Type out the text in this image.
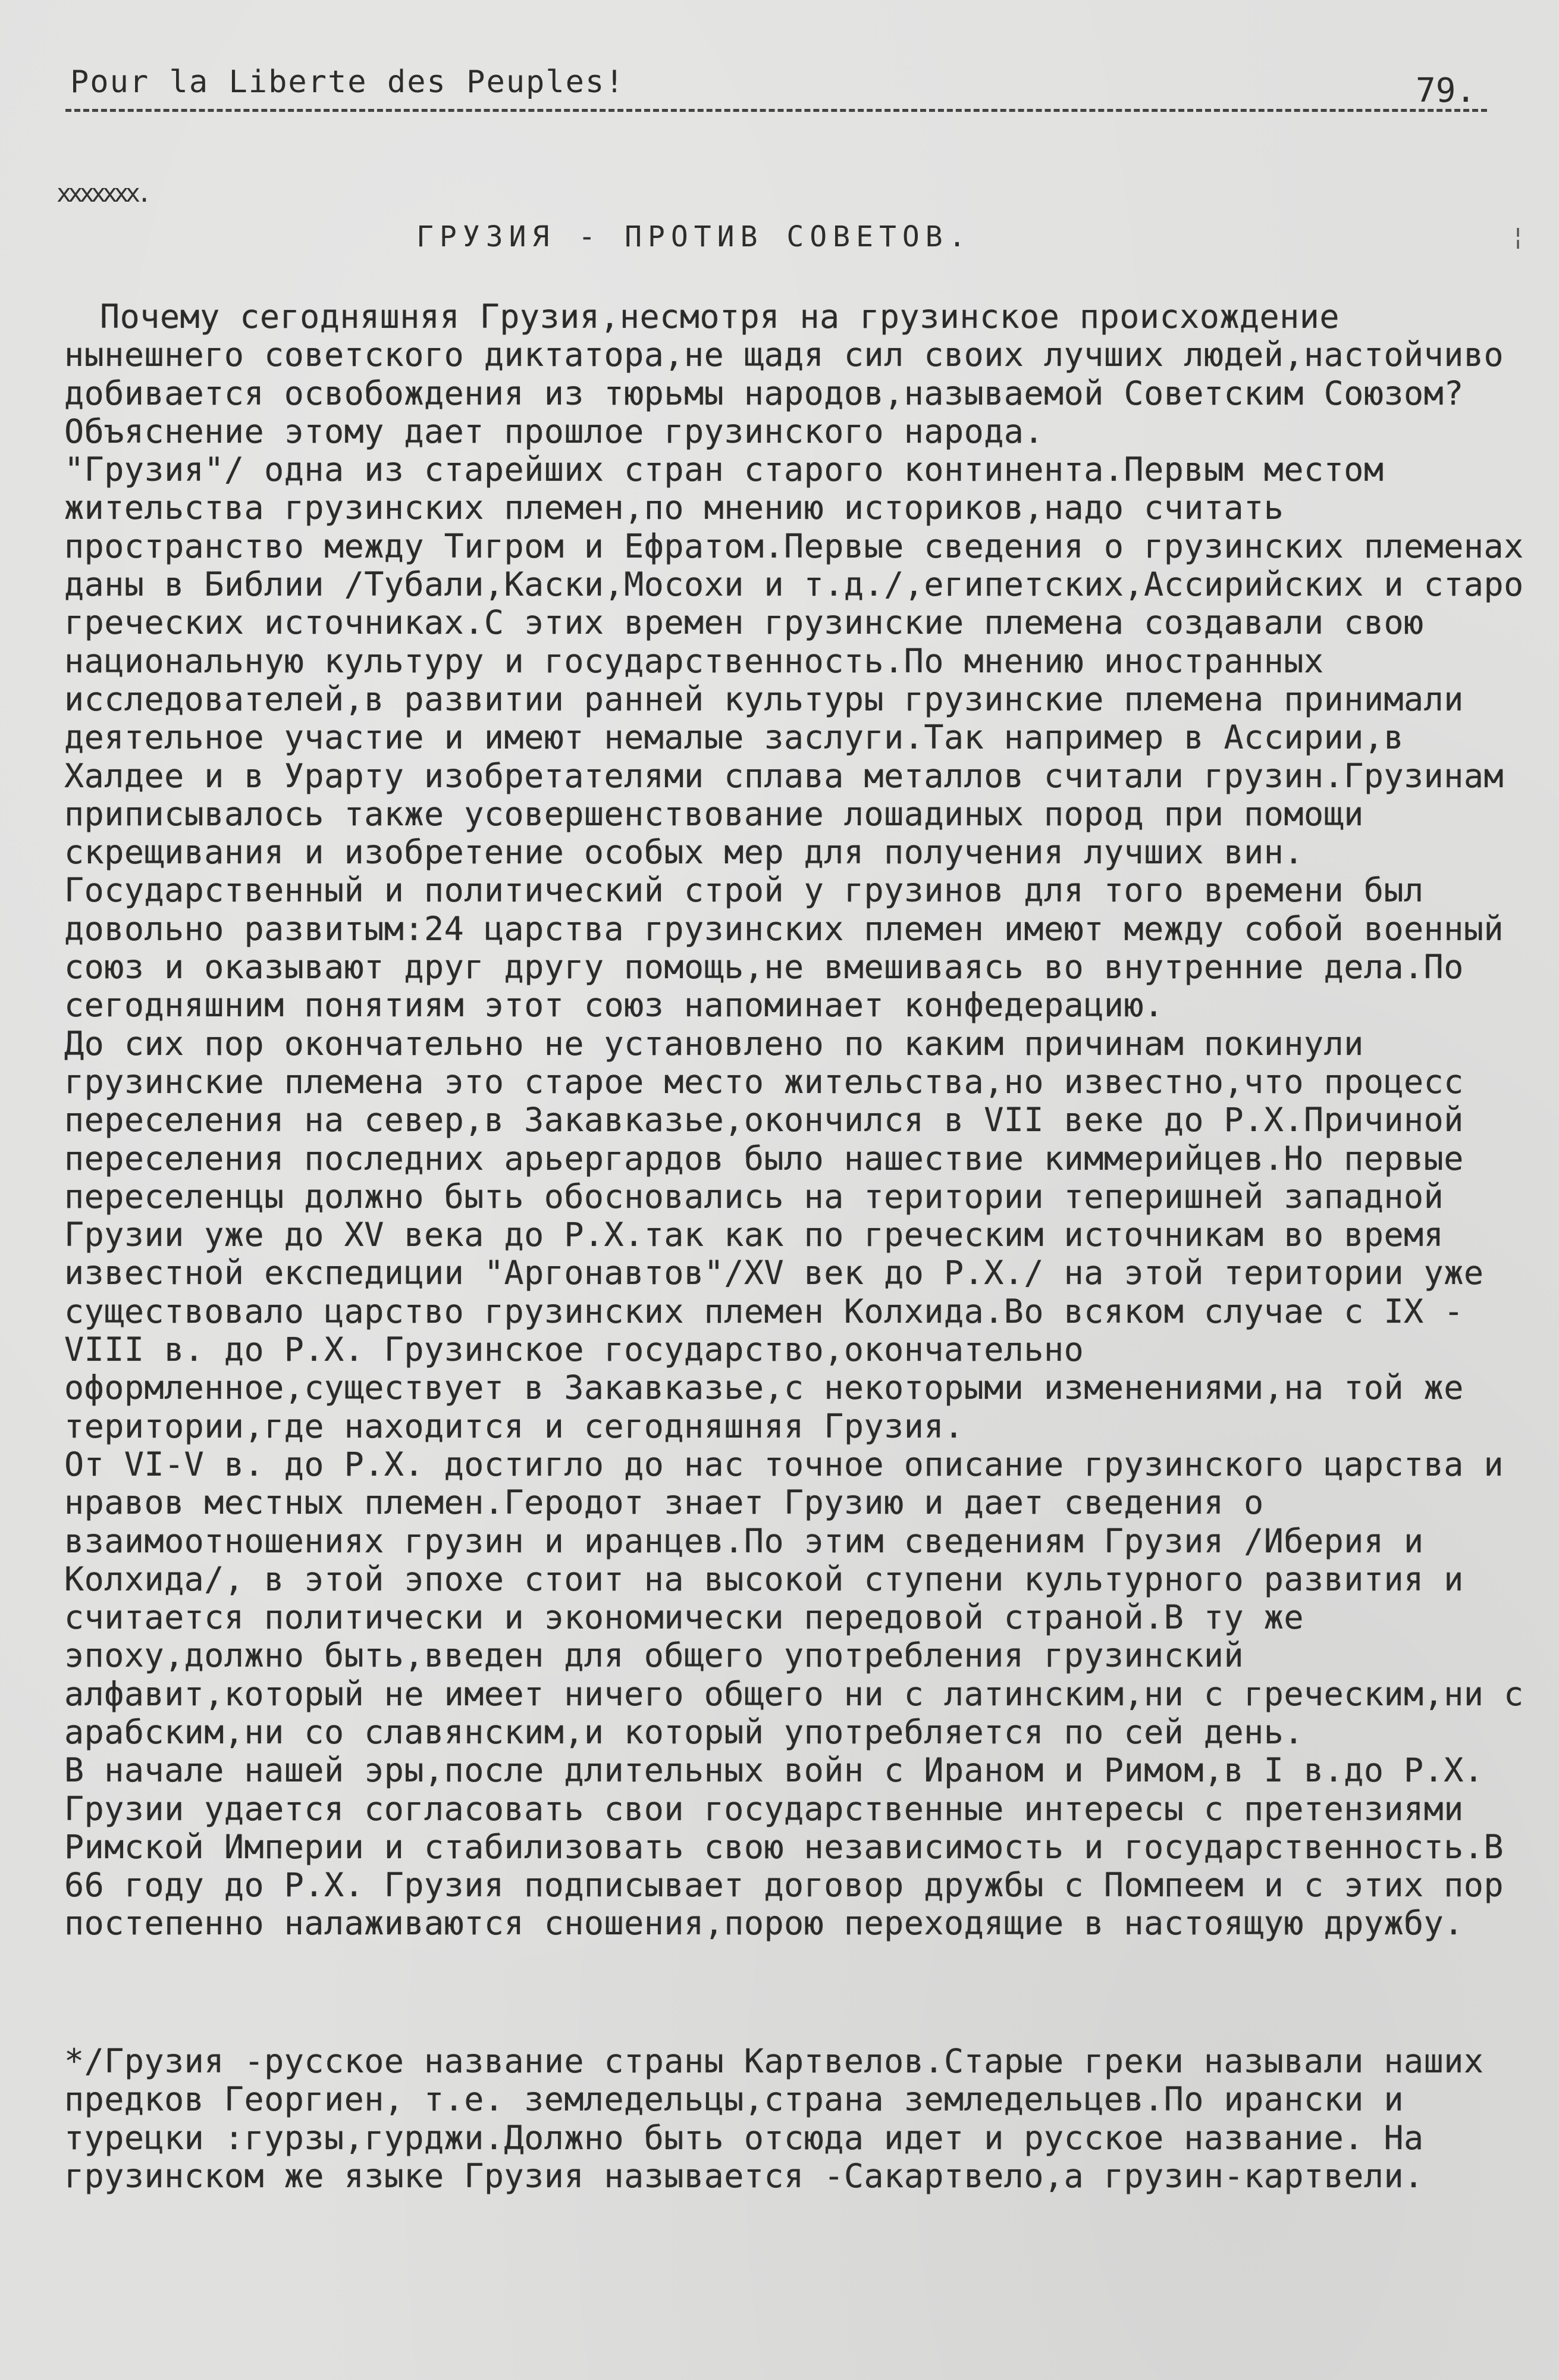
Pour la Liberte des Peuples!	79.
xxxxxxx.
ГРУЗИЯ - ПРОТИВ СОВЕТОВ.	¦

Почему сегодняшняя Грузия,несмотря на грузинское происхождение нынешнего советского диктатора,не щадя сил своих лучших людей,настойчиво добивается освобождения из тюрьмы народов,называемой Советским Союзом? Объяснение этому дает прошлое грузинского народа.

"Грузия"/ одна из старейших стран старого континента.Первым местом жительства грузинских племен,по мнению историков,надо считать пространство между Тигром и Ефратом.Первые сведения о грузинских племенах даны в Библии /Тубали,Каски,Мосохи и т.д./,египетских,Ассирийских и старо греческих источниках.С этих времен грузинские племена создавали свою национальную культуру и государственность.По мнению иностранных исследователей,в развитии ранней культуры грузинские племена принимали деятельное участие и имеют немалые заслуги.Так например в Ассирии,в Халдее и в Урарту изобретателями сплава металлов считали грузин.Грузинам приписывалось также усовершенствование лошадиных пород при помощи скрещивания и изобретение особых мер для получения лучших вин.

Государственный и политический строй у грузинов для того времени был довольно развитым:24 царства грузинских племен имеют между собой военный союз и оказывают друг другу помощь,не вмешиваясь во внутренние дела.По сегодняшним понятиям этот союз напоминает конфедерацию.

До сих пор окончательно не установлено по каким причинам покинули грузинские племена это старое место жительства,но известно,что процесс переселения на север,в Закавказье,окончился в VII веке до Р.Х.Причиной переселения последних арьергардов было нашествие киммерийцев.Но первые переселенцы должно быть обосновались на територии теперишней западной Грузии уже до XV века до Р.Х.так как по греческим источникам во время известной експедиции "Аргонавтов"/XV век до Р.Х./ на этой територии уже существовало царство грузинских племен Колхида.Во всяком случае с IX -VIII в. до Р.Х. Грузинское государство,окончательно оформленное,существует в Закавказье,с некоторыми изменениями,на той же територии,где находится и сегодняшняя Грузия.

От VI-V в. до Р.Х. достигло до нас точное описание грузинского царства и нравов местных племен.Геродот знает Грузию и дает сведения о взаимоотношениях грузин и иранцев.По этим сведениям Грузия /Иберия и Колхида/, в этой эпохе стоит на высокой ступени культурного развития и считается политически и экономически передовой страной.В ту же эпоху,должно быть,введен для общего употребления грузинский алфавит,который не имеет ничего общего ни с латинским,ни с греческим,ни с арабским,ни со славянским,и который употребляется по сей день.

В начале нашей эры,после длительных войн с Ираном и Римом,в I в.до Р.Х. Грузии удается согласовать свои государственные интересы с претензиями Римской Империи и стабилизовать свою независимость и государственность.В 66 году до Р.Х. Грузия подписывает договор дружбы с Помпеем и с этих пор постепенно налаживаются сношения,порою переходящие в настоящую дружбу.

*/Грузия -русское название страны Картвелов.Старые греки называли наших предков Георгиен, т.е. земледельцы,страна земледельцев.По ирански и турецки :гурзы,гурджи.Должно быть отсюда идет и русское название. На грузинском же языке Грузия называется -Сакартвело,а грузин-картвели.
